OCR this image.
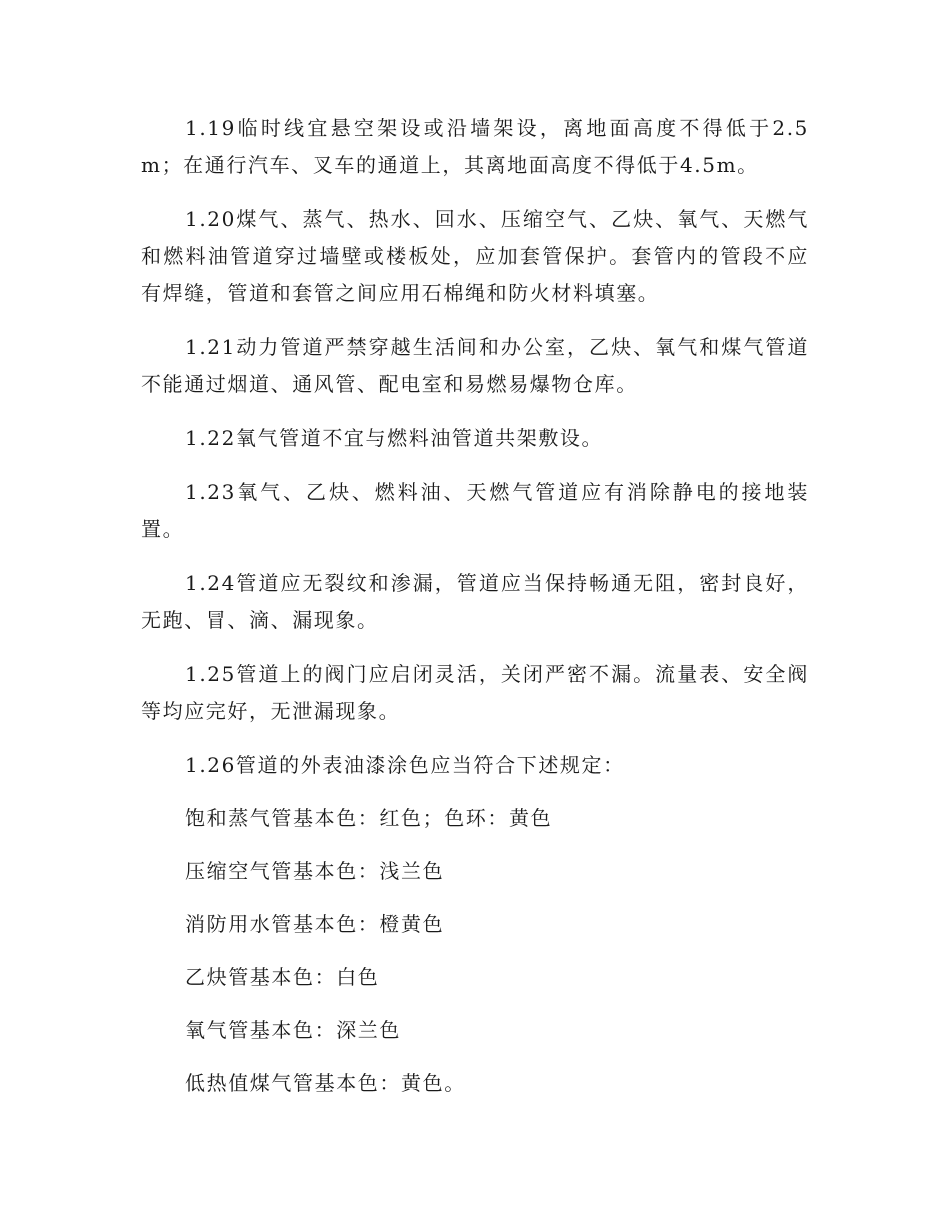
1.19临时线宜悬空架设或沿墙架设，离地面高度不得低于2.5m；在通行汽车、叉车的通道上，其离地面高度不得低于4.5m。

1.20煤气、蒸气、热水、回水、压缩空气、乙炔、氧气、天燃气和燃料油管道穿过墙壁或楼板处，应加套管保护。套管内的管段不应有焊缝，管道和套管之间应用石棉绳和防火材料填塞。

1.21动力管道严禁穿越生活间和办公室，乙炔、氧气和煤气管道不能通过烟道、通风管、配电室和易燃易爆物仓库。

1.22氧气管道不宜与燃料油管道共架敷设。

1.23氧气、乙炔、燃料油、天燃气管道应有消除静电的接地装置。

1.24管道应无裂纹和渗漏，管道应当保持畅通无阻，密封良好，无跑、冒、滴、漏现象。

1.25管道上的阀门应启闭灵活，关闭严密不漏。流量表、安全阀等均应完好，无泄漏现象。

1.26管道的外表油漆涂色应当符合下述规定：

饱和蒸气管基本色：红色；色环：黄色

压缩空气管基本色：浅兰色

消防用水管基本色：橙黄色

乙炔管基本色：白色

氧气管基本色：深兰色

低热值煤气管基本色：黄色。
